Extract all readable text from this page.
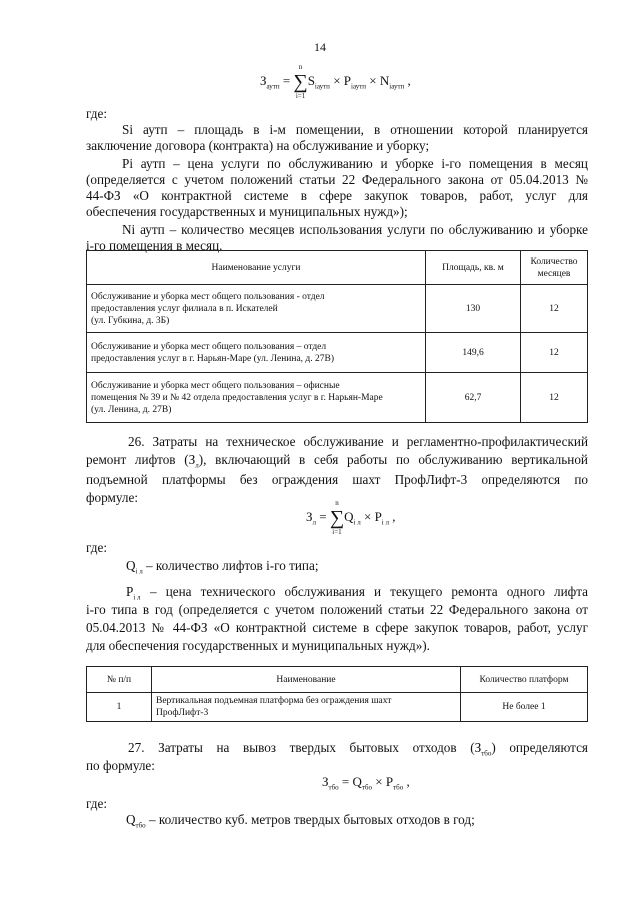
14
$З_{аутп}$ = ∑
n
i=1
$S_{iаутп} \times P_{iаутп} \times N_{iаутп}$ ,
где:
Si аутп – площадь в i-м помещении, в отношении которой планируется
заключение договора (контракта) на обслуживание и уборку;
Pi аутп – цена услуги по обслуживанию и уборке i-го помещения в месяц
(определяется с учетом положений статьи 22 Федерального закона от 05.04.2013 №
44-ФЗ «О контрактной системе в сфере закупок товаров, работ, услуг для
обеспечения государственных и муниципальных нужд»);
Ni аутп – количество месяцев использования услуги по обслуживанию и уборке
i-го помещения в месяц.
Наименование услуги	Площадь, кв. м	Количество месяцев

Обслуживание и уборка мест общего пользования - отдел
предоставления услуг филиала в п. Искателей
(ул. Губкина, д. 3Б)	130	12

Обслуживание и уборка мест общего пользования – отдел
предоставления услуг в г. Нарьян-Маре (ул. Ленина, д. 27В)	149,6	12

Обслуживание и уборка мест общего пользования – офисные
помещения № 39 и № 42 отдела предоставления услуг в г. Нарьян-Маре
(ул. Ленина, д. 27В)	62,7	12
26. Затраты на техническое обслуживание и регламентно-профилактический
ремонт лифтов $(З_л)$, включающий в себя работы по обслуживанию вертикальной
подъемной платформы без ограждения шахт ПрофЛифт-3 определяются по
формуле:
$З_л$ = ∑
n
i=1
$Q_{i л} \times P_{i л}$ ,
где:
$Q_{i л}$ – количество лифтов i-го типа;
$P_{i л}$ – цена технического обслуживания и текущего ремонта одного лифта
i-го типа в год (определяется с учетом положений статьи 22 Федерального закона от
05.04.2013 № 44-ФЗ «О контрактной системе в сфере закупок товаров, работ, услуг
для обеспечения государственных и муниципальных нужд»).
№ п/п	Наименование	Количество платформ
1	Вертикальная подъемная платформа без ограждения шахт
ПрофЛифт-3	Не более 1
27. Затраты на вывоз твердых бытовых отходов $(З_{тбо})$ определяются
по формуле:
$З_{тбо} = Q_{тбо} \times P_{тбо}$ ,
где:
$Q_{тбо}$ – количество куб. метров твердых бытовых отходов в год;
